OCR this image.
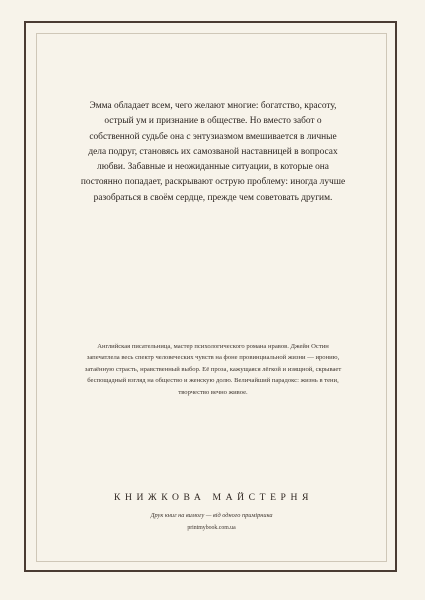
Эмма обладает всем, чего желают многие: богатство, красоту, острый ум и признание в обществе. Но вместо забот о собственной судьбе она с энтузиазмом вмешивается в личные дела подруг, становясь их самозваной наставницей в вопросах любви. Забавные и неожиданные ситуации, в которые она постоянно попадает, раскрывают острую проблему: иногда лучше разобраться в своём сердце, прежде чем советовать другим.

Английская писательница, мастер психологического романа нравов. Джейн Остин запечатлела весь спектр человеческих чувств на фоне провинциальной жизни — иронию, затаённую страсть, нравственный выбор. Её проза, кажущаяся лёгкой и изящной, скрывает беспощадный взгляд на общество и женскую долю. Величайший парадокс: жизнь в тени, творчество вечно живое.

КНИЖКОВА МАЙСТЕРНЯ

Друк книг на вимогу — від одного примірника

printmybook.com.ua
